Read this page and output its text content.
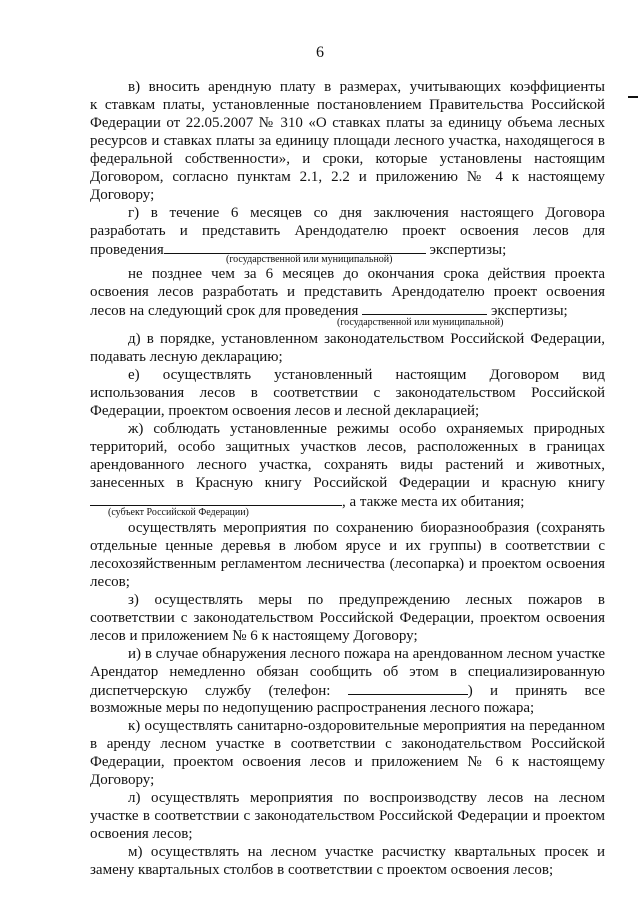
6
в) вносить арендную плату в размерах, учитывающих коэффициенты
к ставкам платы, установленные постановлением Правительства Российской
Федерации от 22.05.2007 № 310 «О ставках платы за единицу объема лесных
ресурсов и ставках платы за единицу площади лесного участка, находящегося в
федеральной собственности», и сроки, которые установлены настоящим
Договором, согласно пунктам 2.1, 2.2 и приложению № 4 к настоящему
Договору;
г) в течение 6 месяцев со дня заключения настоящего Договора
разработать и представить Арендодателю проект освоения лесов для
проведения	экспертизы;
(государственной или муниципальной)
не позднее чем за 6 месяцев до окончания срока действия проекта
освоения лесов разработать и представить Арендодателю проект освоения
лесов на следующий срок для проведения	экспертизы;
(государственной или муниципальной)
д) в порядке, установленном законодательством Российской Федерации,
подавать лесную декларацию;
е) осуществлять установленный настоящим Договором вид
использования лесов в соответствии с законодательством Российской
Федерации, проектом освоения лесов и лесной декларацией;
ж) соблюдать установленные режимы особо охраняемых природных
территорий, особо защитных участков лесов, расположенных в границах
арендованного лесного участка, сохранять виды растений и животных,
занесенных в Красную книгу Российской Федерации и красную книгу
, а также места их обитания;
(субъект Российской Федерации)
осуществлять мероприятия по сохранению биоразнообразия (сохранять
отдельные ценные деревья в любом ярусе и их группы) в соответствии с
лесохозяйственным регламентом лесничества (лесопарка) и проектом освоения
лесов;
з) осуществлять меры по предупреждению лесных пожаров в
соответствии с законодательством Российской Федерации, проектом освоения
лесов и приложением № 6 к настоящему Договору;
и) в случае обнаружения лесного пожара на арендованном лесном участке
Арендатор немедленно обязан сообщить об этом в специализированную
диспетчерскую службу (телефон:	) и принять все
возможные меры по недопущению распространения лесного пожара;
к) осуществлять санитарно-оздоровительные мероприятия на переданном
в аренду лесном участке в соответствии с законодательством Российской
Федерации, проектом освоения лесов и приложением № 6 к настоящему
Договору;
л) осуществлять мероприятия по воспроизводству лесов на лесном
участке в соответствии с законодательством Российской Федерации и проектом
освоения лесов;
м) осуществлять на лесном участке расчистку квартальных просек и
замену квартальных столбов в соответствии с проектом освоения лесов;
